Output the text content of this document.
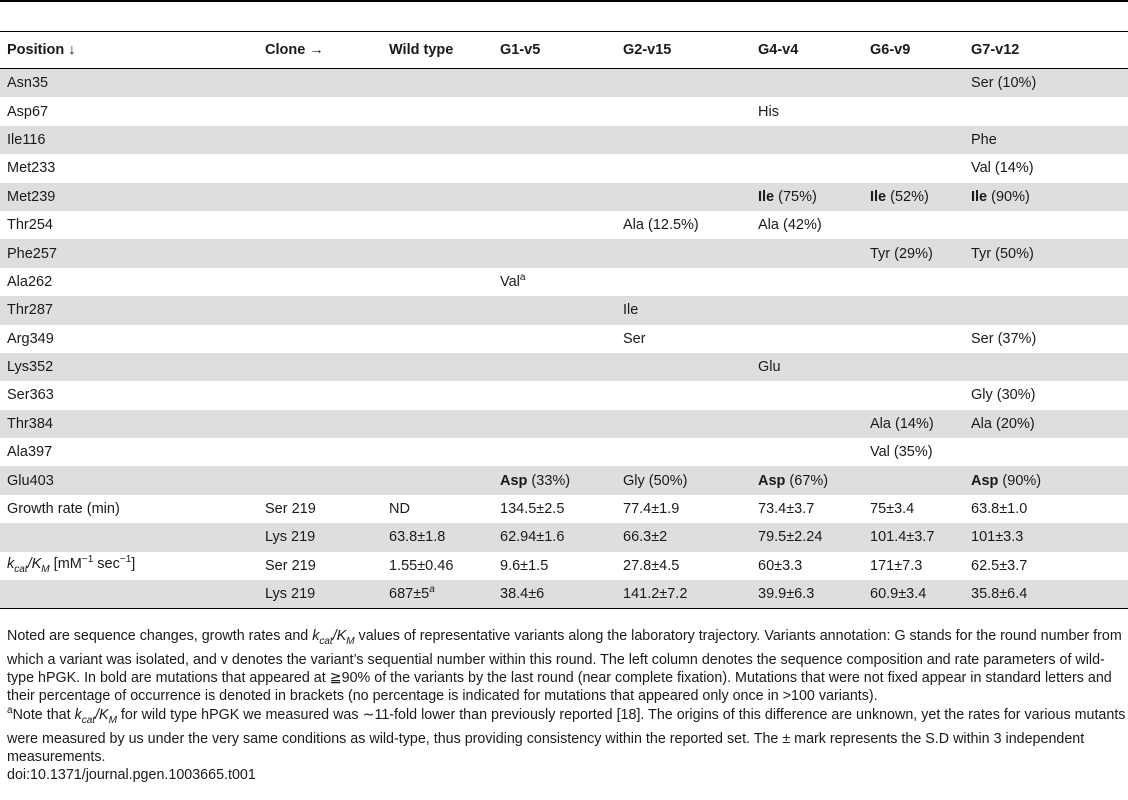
Position ↓	Clone →	Wild type	G1-v5	G2-v15	G4-v4	G6-v9	G7-v12
Asn35							Ser (10%)
Asp67					His		
Ile116							Phe
Met233							Val (14%)
Met239					Ile (75%)	Ile (52%)	Ile (90%)
Thr254				Ala (12.5%)	Ala (42%)		
Phe257						Tyr (29%)	Tyr (50%)
Ala262			Val$^a$				
Thr287				Ile			
Arg349				Ser			Ser (37%)
Lys352					Glu		
Ser363							Gly (30%)
Thr384						Ala (14%)	Ala (20%)
Ala397						Val (35%)	
Glu403			Asp (33%)	Gly (50%)	Asp (67%)		Asp (90%)
Growth rate (min)	Ser 219	ND	134.5±2.5	77.4±1.9	73.4±3.7	75±3.4	63.8±1.0
	Lys 219	63.8±1.8	62.94±1.6	66.3±2	79.5±2.24	101.4±3.7	101±3.3
$k_{cat}/K_M$ [$mM^{-1}$ $\sec^{-1}$]	Ser 219	1.55±0.46	9.6±1.5	27.8±4.5	60±3.3	171±7.3	62.5±3.7
	Lys 219	$687\pm 5^a$	38.4±6	141.2±7.2	39.9±6.3	60.9±3.4	35.8±6.4

Noted are sequence changes, growth rates and $k_{cat}/K_M$ values of representative variants along the laboratory trajectory. Variants annotation: G stands for the round number from which a variant was isolated, and v denotes the variant’s sequential number within this round. The left column denotes the sequence composition and rate parameters of wild-type hPGK. In bold are mutations that appeared at ≧90% of the variants by the last round (near complete fixation). Mutations that were not fixed appear in standard letters and their percentage of occurrence is denoted in brackets (no percentage is indicated for mutations that appeared only once in >100 variants).

$^a$Note that $k_{cat}/K_M$ for wild type hPGK we measured was ∼11-fold lower than previously reported [18]. The origins of this difference are unknown, yet the rates for various mutants were measured by us under the very same conditions as wild-type, thus providing consistency within the reported set. The ± mark represents the S.D within 3 independent measurements.

doi:10.1371/journal.pgen.1003665.t001
